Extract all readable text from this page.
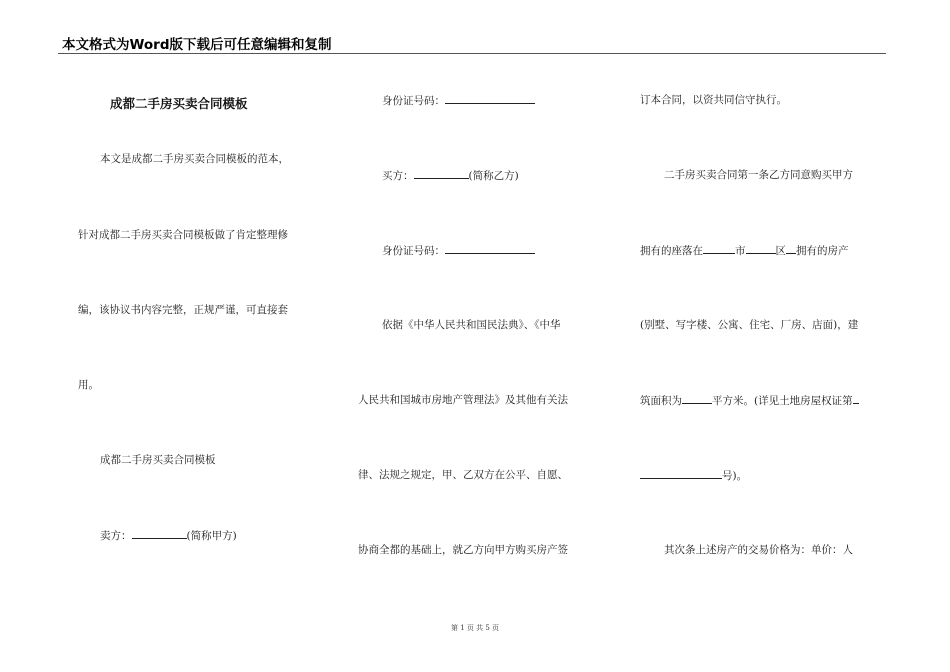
本文格式为Word版下载后可任意编辑和复制
成都二手房买卖合同模板
本文是成都二手房买卖合同模板的范本，
针对成都二手房买卖合同模板做了肯定整理修
编，该协议书内容完整，正规严谨，可直接套
用。
成都二手房买卖合同模板
卖方：	(简称甲方)
身份证号码：
买方：	(简称乙方)
身份证号码：
依据《中华人民共和国民法典》、《中华
人民共和国城市房地产管理法》及其他有关法
律、法规之规定，甲、乙双方在公平、自愿、
协商全都的基础上，就乙方向甲方购买房产签
订本合同，以资共同信守执行。
二手房买卖合同第一条乙方同意购买甲方
拥有的座落在	市	区 拥有的房产
(别墅、写字楼、公寓、住宅、厂房、店面)，建
筑面积为	平方米。(详见土地房屋权证第
号)。
其次条上述房产的交易价格为：单价：人
第 1 页 共 5 页
